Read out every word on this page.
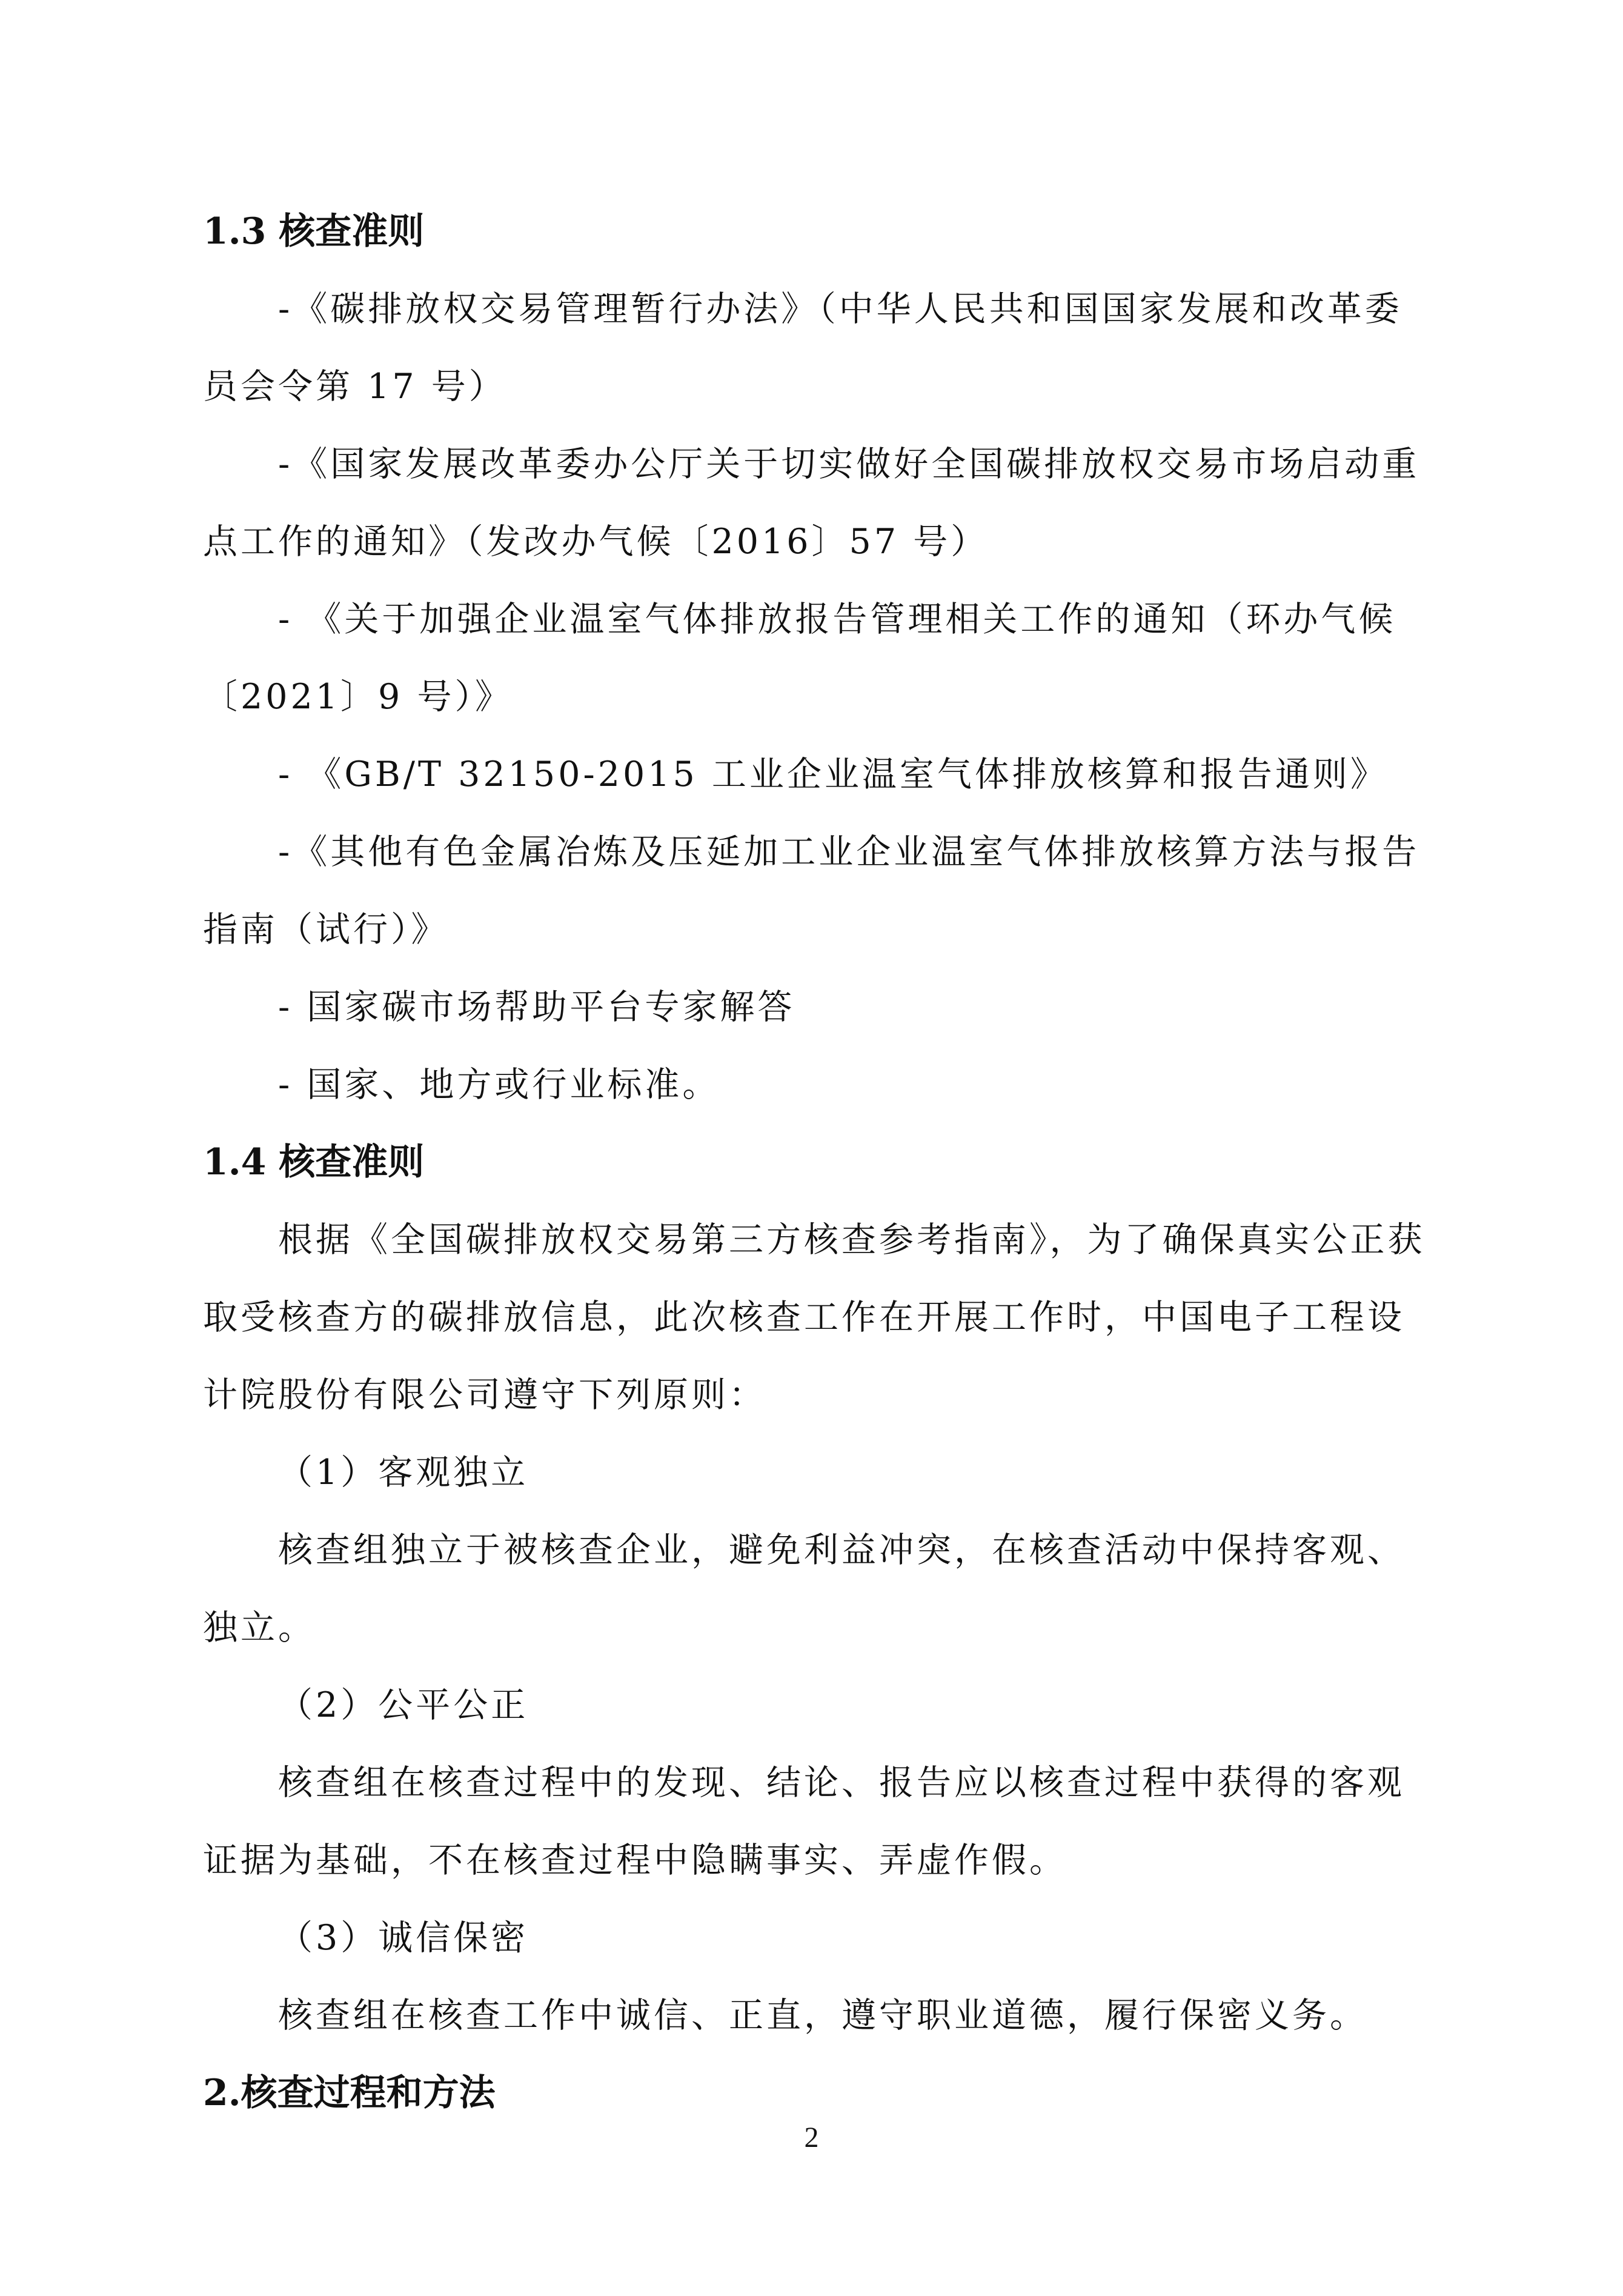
1.3 核查准则

-《碳排放权交易管理暂行办法》（中华人民共和国国家发展和改革委员会令第 17 号）

-《国家发展改革委办公厅关于切实做好全国碳排放权交易市场启动重点工作的通知》（发改办气候〔2016〕57 号）

- 《关于加强企业温室气体排放报告管理相关工作的通知（环办气候〔2021〕9 号）》

- 《GB/T 32150-2015 工业企业温室气体排放核算和报告通则》

-《其他有色金属冶炼及压延加工业企业温室气体排放核算方法与报告指南（试行）》

- 国家碳市场帮助平台专家解答

- 国家、地方或行业标准。

1.4 核查准则

根据《全国碳排放权交易第三方核查参考指南》，为了确保真实公正获取受核查方的碳排放信息，此次核查工作在开展工作时，中国电子工程设计院股份有限公司遵守下列原则：

（1）客观独立

核查组独立于被核查企业，避免利益冲突，在核查活动中保持客观、独立。

（2）公平公正

核查组在核查过程中的发现、结论、报告应以核查过程中获得的客观证据为基础，不在核查过程中隐瞒事实、弄虚作假。

（3）诚信保密

核查组在核查工作中诚信、正直，遵守职业道德，履行保密义务。

2.核查过程和方法
2
